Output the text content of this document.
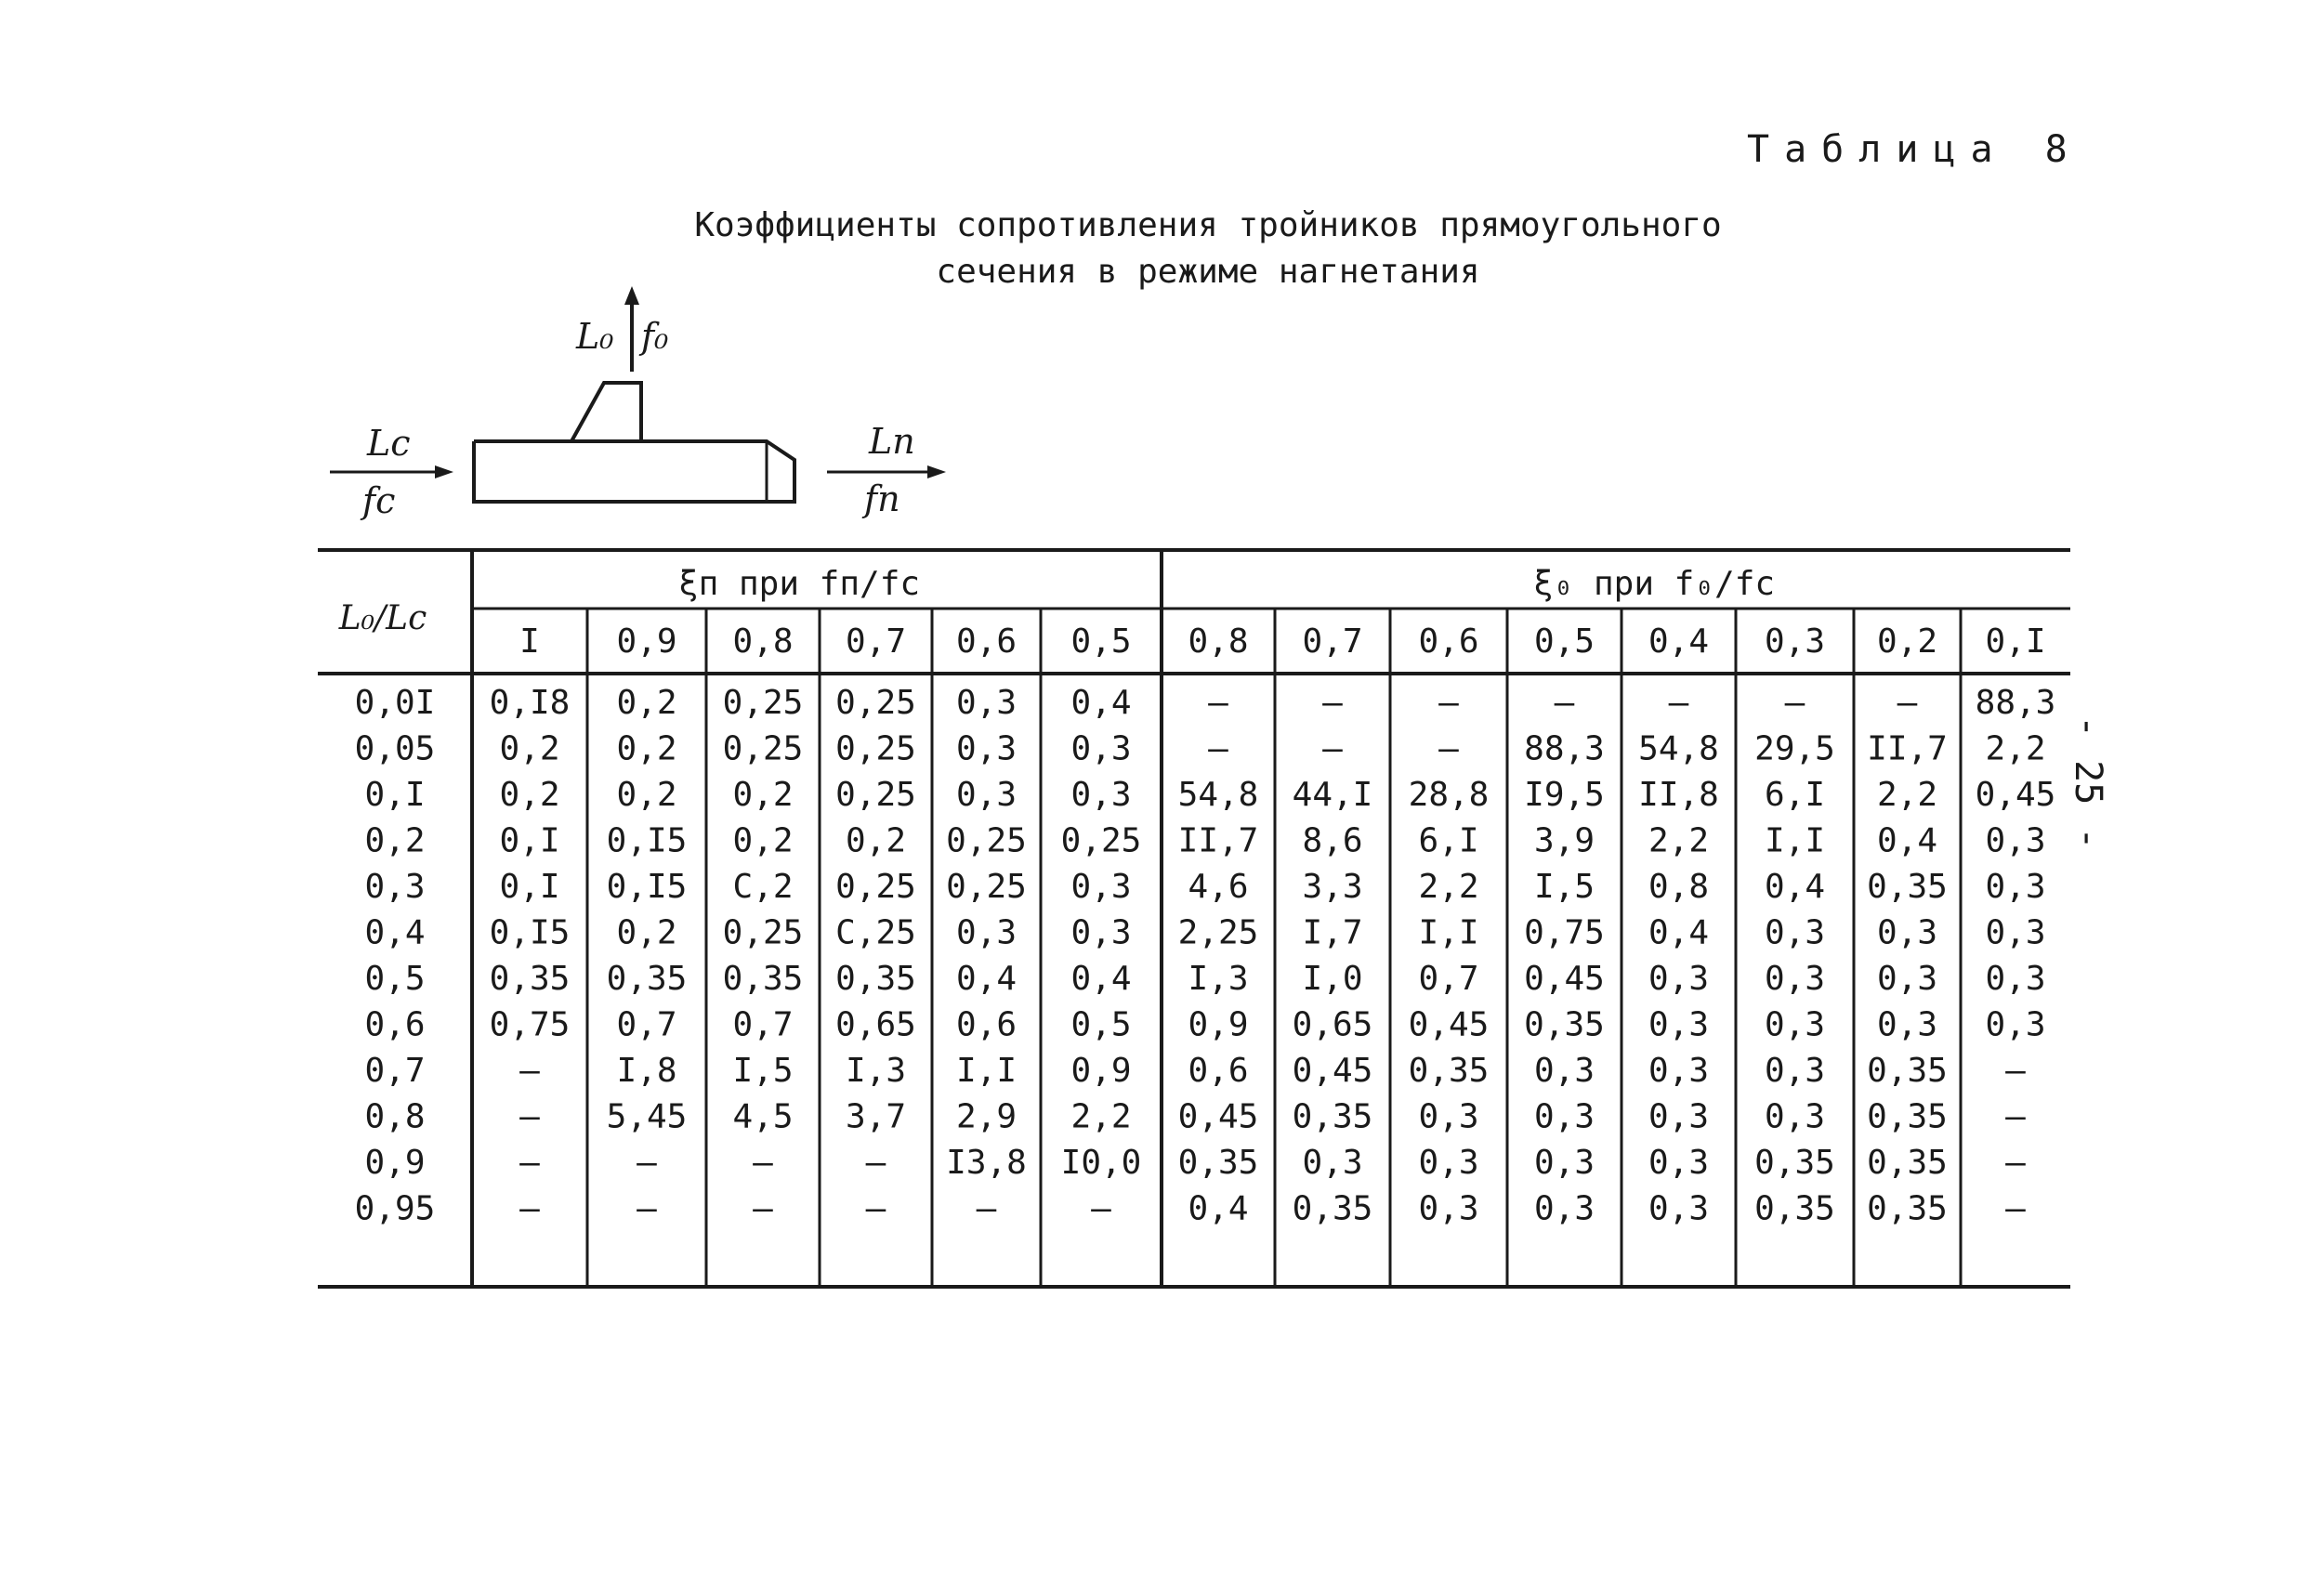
Таблица 8
Коэффициенты сопротивления тройников прямоугольного
сечения в режиме нагнетания
- 25 -
L₀ f₀
Lс
fс
Lп
fп
L₀/Lс
ξп при fп/fс	ξ₀ при f₀/fс
I 0,9 0,8 0,7 0,6 0,5 0,8 0,7 0,6 0,5 0,4 0,3 0,2 0,I
0,0I 0,I8 0,2 0,25 0,25 0,3 0,4 –	–	–	–	–	–	– 88,3
0,05 0,2 0,2 0,25 0,25 0,3 0,3 –	–	– 88,3 54,8 29,5 II,7 2,2
0,I 0,2 0,2 0,2 0,25 0,3 0,3 54,8 44,I 28,8 I9,5 II,8 6,I 2,2 0,45
0,2 0,I 0,I5 0,2 0,2 0,25 0,25 II,7 8,6 6,I 3,9 2,2 I,I 0,4 0,3
0,3 0,I 0,I5 C,2 0,25 0,25 0,3 4,6 3,3 2,2 I,5 0,8 0,4 0,35 0,3
0,4 0,I5 0,2 0,25 C,25 0,3 0,3 2,25 I,7 I,I 0,75 0,4 0,3 0,3 0,3
0,5 0,35 0,35 0,35 0,35 0,4 0,4 I,3 I,0 0,7 0,45 0,3 0,3 0,3 0,3
0,6 0,75 0,7 0,7 0,65 0,6 0,5 0,9 0,65 0,45 0,35 0,3 0,3 0,3 0,3
0,7	– I,8 I,5 I,3 I,I 0,9 0,6 0,45 0,35 0,3 0,3 0,3 0,35 –
0,8	– 5,45 4,5 3,7 2,9 2,2 0,45 0,35 0,3 0,3 0,3 0,3 0,35 –
0,9	–	–	–	– I3,8 I0,0 0,35 0,3 0,3 0,3 0,3 0,35 0,35 –
0,95	–	–	–	–	–	– 0,4 0,35 0,3 0,3 0,3 0,35 0,35 –
